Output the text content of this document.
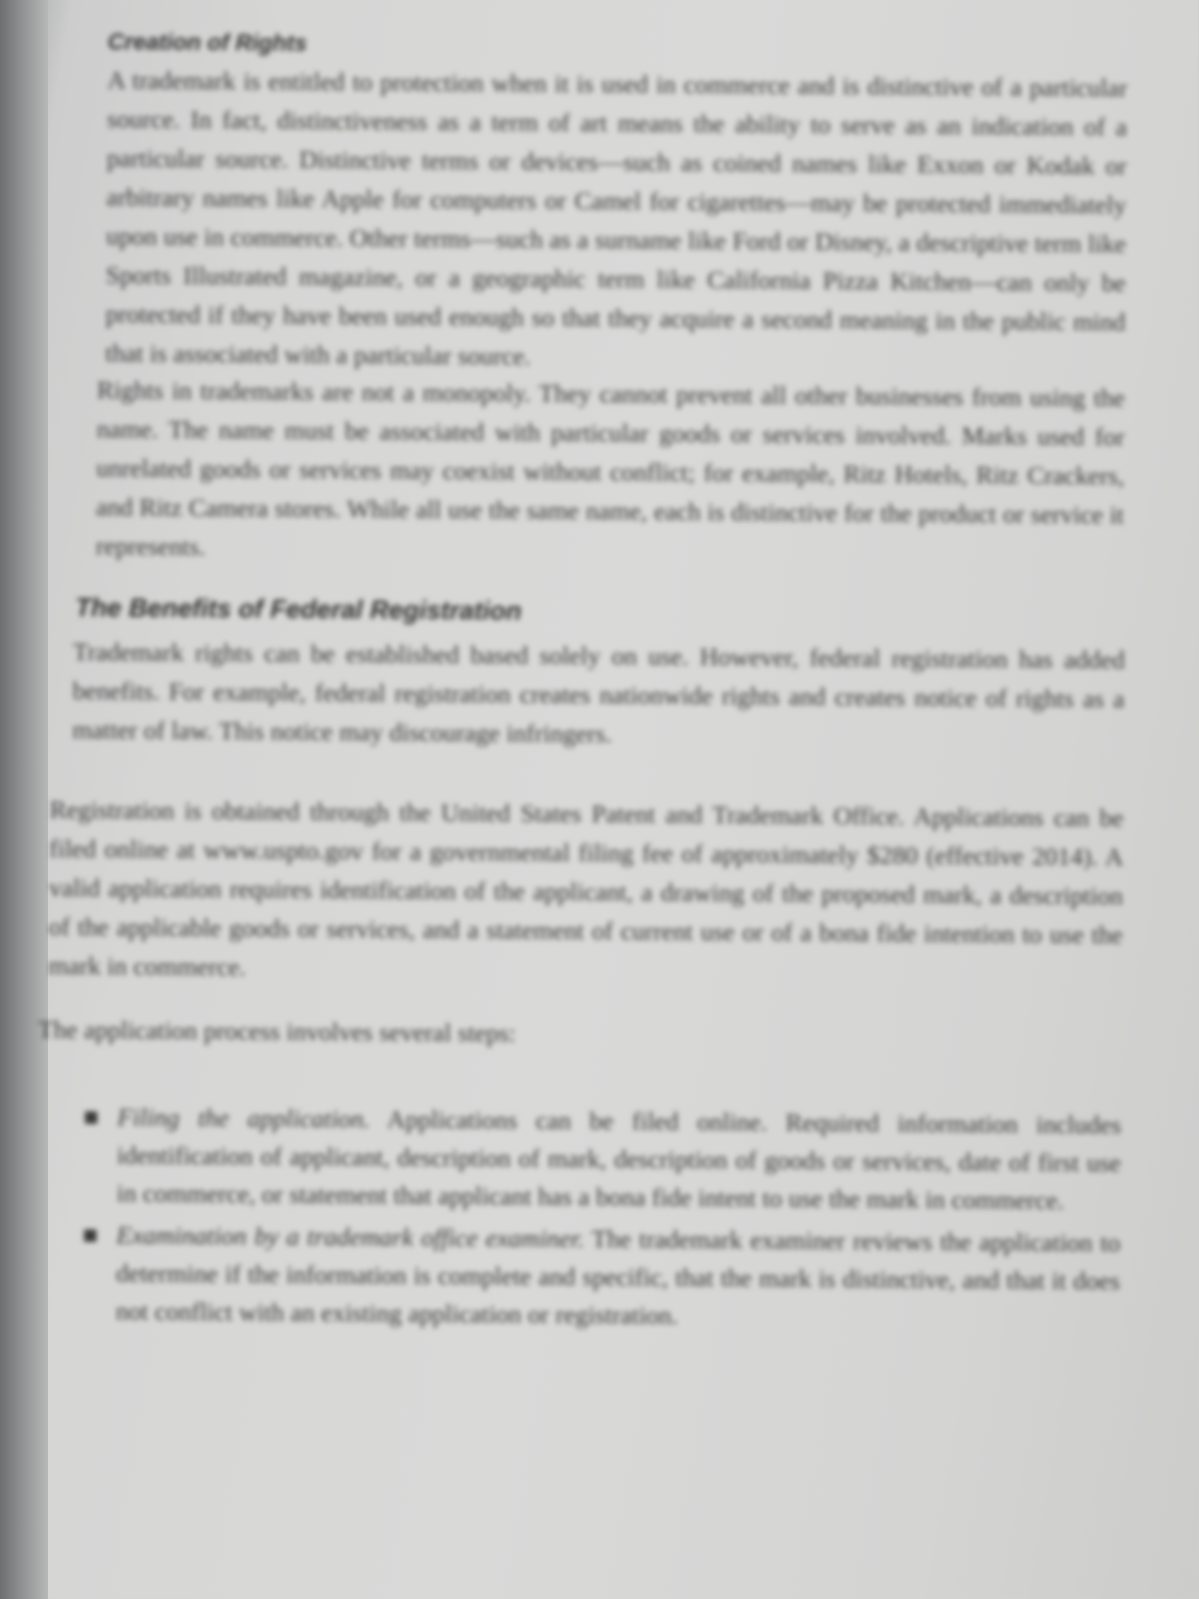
Creation of Rights

A trademark is entitled to protection when it is used in commerce and is distinctive of a particular source. In fact, distinctiveness as a term of art means the ability to serve as an indication of a particular source. Distinctive terms or devices—such as coined names like Exxon or Kodak or arbitrary names like Apple for computers or Camel for cigarettes—may be protected immediately upon use in commerce. Other terms—such as a surname like Ford or Disney, a descriptive term like Sports Illustrated magazine, or a geographic term like California Pizza Kitchen—can only be protected if they have been used enough so that they acquire a second meaning in the public mind that is associated with a particular source.

Rights in trademarks are not a monopoly. They cannot prevent all other businesses from using the name. The name must be associated with particular goods or services involved. Marks used for unrelated goods or services may coexist without conflict; for example, Ritz Hotels, Ritz Crackers, and Ritz Camera stores. While all use the same name, each is distinctive for the product or service it represents.

The Benefits of Federal Registration

Trademark rights can be established based solely on use. However, federal registration has added benefits. For example, federal registration creates nationwide rights and creates notice of rights as a matter of law. This notice may discourage infringers.

Registration is obtained through the United States Patent and Trademark Office. Applications can be filed online at www.uspto.gov for a governmental filing fee of approximately $280 (effective 2014). A valid application requires identification of the applicant, a drawing of the proposed mark, a description of the applicable goods or services, and a statement of current use or of a bona fide intention to use the mark in commerce.

The application process involves several steps:

■ Filing the application. Applications can be filed online. Required information includes identification of applicant, description of mark, description of goods or services, date of first use in commerce, or statement that applicant has a bona fide intent to use the mark in commerce.
■ Examination by a trademark office examiner. The trademark examiner reviews the application to determine if the information is complete and specific, that the mark is distinctive, and that it does not conflict with an existing application or registration.
